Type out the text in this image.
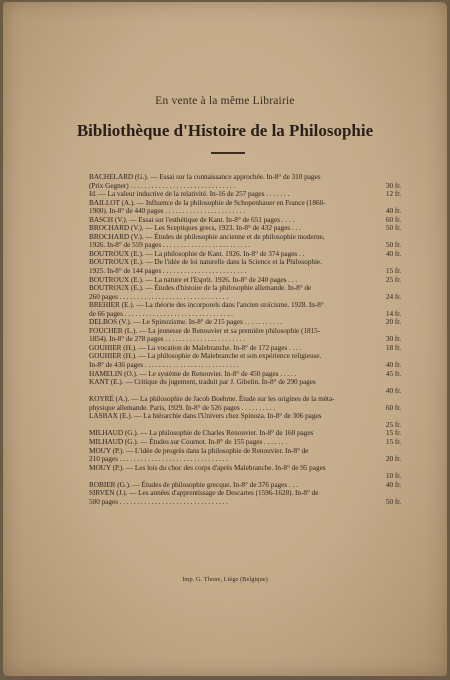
En vente à la même Librairie
Bibliothèque d'Histoire de la Philosophie
BACHELARD (G.). — Essai sur la connaissance approchée. In-8° de 310 pages
(Prix Gegner) . . . . . . . . . . . . . . . . . . . . . . . . . . . . . .	30 fr.
Id. — La valeur inductive de la relativité. In-16 de 257 pages . . . . . . .	12 fr.
BAILLOT (A.). — Influence de la philosophie de Schopenhauer en France (1860-
1900). In-8° de 440 pages . . . . . . . . . . . . . . . . . . . . . . .	40 fr.
BASCH (V.). — Essai sur l'esthétique de Kant. In-8° de 651 pages . . . .	60 fr.
BROCHARD (V.). — Les Sceptiques grecs, 1923. In-8° de 432 pages . . .	50 fr.
BROCHARD (V.). — Études de philosophie ancienne et de philosophie moderne,
1926. In-8° de 559 pages . . . . . . . . . . . . . . . . . . . . . . . . .	50 fr.
BOUTROUX (E.). — La philosophie de Kant. 1926. In-8° de 374 pages . .	40 fr.
BOUTROUX (E.). — De l'idée de loi naturelle dans la Science et la Philosophie.
1925. In-8° de 144 pages . . . . . . . . . . . . . . . . . . . . . . . .	15 fr.
BOUTROUX (E.). — La nature et l'Esprit. 1926. In-8° de 240 pages . . .	25 fr.
BOUTROUX (E.). — Études d'histoire de la philosophie allemande. In-8° de
260 pages . . . . . . . . . . . . . . . . . . . . . . . . . . . . . . .	24 fr.
BREHIER (E.). — La théorie des incorporels dans l'ancien stoïcisme. 1928. In-8°
de 66 pages . . . . . . . . . . . . . . . . . . . . . . . . . . . . . . .	14 fr.
DELBOS (V.). — Le Spinozisme. In-8° de 215 pages . . . . . . . . . . .	20 fr.
FOUCHER (L.). — La jeunesse de Renouvier et sa première philosophie (1815-
1854). In-8° de 278 pages . . . . . . . . . . . . . . . . . . . . . . .	30 fr.
GOUHIER (H.). — La vocation de Malebranche. In-8° de 172 pages . . . .	18 fr.
GOUHIER (H.). — La philosophie de Malebranche et son expérience religieuse.
In-8° de 436 pages . . . . . . . . . . . . . . . . . . . . . . . . . . .	40 fr.
HAMELIN (O.). — Le système de Renouvier. In-8° de 450 pages . . . . .	45 fr.
KANT (E.). — Critique du jugement, traduit par J. Gibelin. In-8° de 290 pages
40 fr.
KOYRÉ (A.). — La philosophie de Jacob Boehme. Étude sur les origines de la méta-
physique allemande. Paris, 1929. In-8° de 526 pages . . . . . . . . . .	60 fr.
LASBAX (E.). — La hiérarchie dans l'Univers chez Spinoza. In-8° de 306 pages
25 fr.
MILHAUD (G.). — La philosophie de Charles Renouvier. In-8° de 160 pages	15 fr.
MILHAUD (G.). — Études sur Cournot. In-8° de 155 pages . . . . . . .	15 fr.
MOUY (P.). — L'idée de progrès dans la philosophie de Renouvier. In-8° de
210 pages . . . . . . . . . . . . . . . . . . . . . . . . . . . . . . .	20 fr.
MOUY (P.). — Les lois du choc des corps d'après Malebranche. In-8° de 95 pages
10 fr.
ROBIER (G.). — Études de philosophie grecque. In-8° de 376 pages . . .	40 fr.
SIRVEN (J.). — Les années d'apprentissage de Descartes (1596-1628). In-8° de
500 pages . . . . . . . . . . . . . . . . . . . . . . . . . . . . . . .	50 fr.
Imp. G. Thone, Liège (Belgique)
